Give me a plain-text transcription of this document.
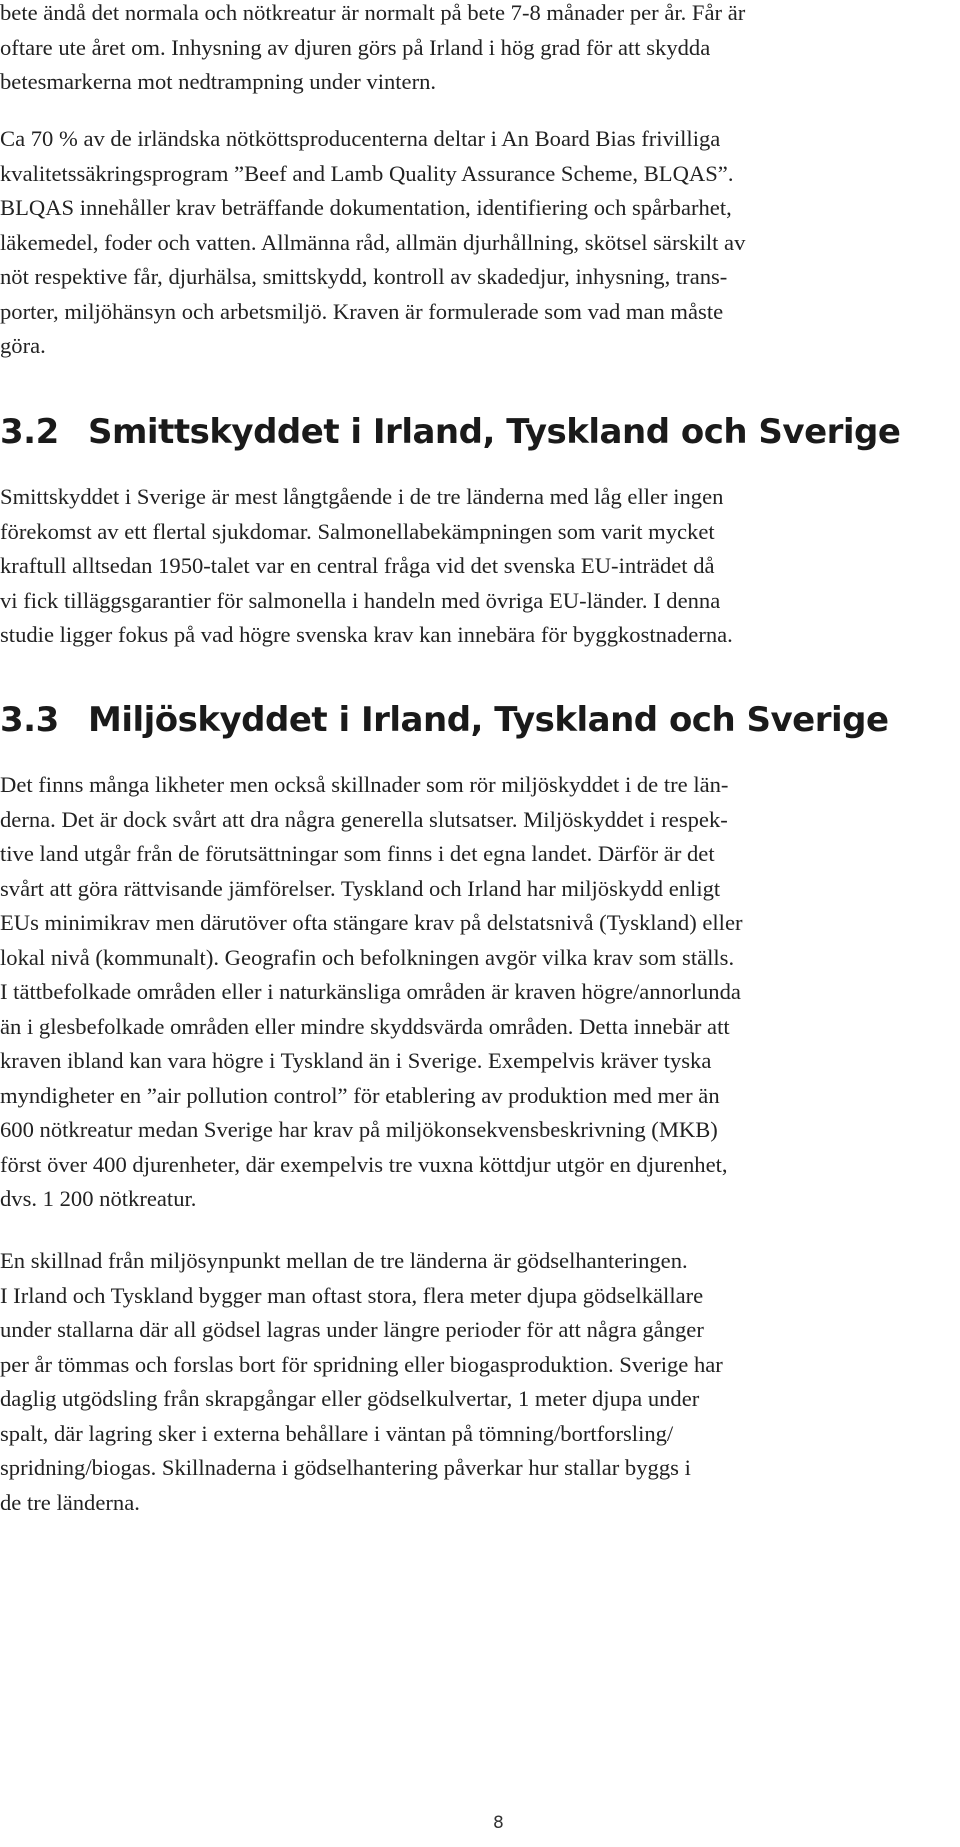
bete ändå det normala och nötkreatur är normalt på bete 7-8 månader per år. Får är
oftare ute året om. Inhysning av djuren görs på Irland i hög grad för att skydda
betesmarkerna mot nedtrampning under vintern.

Ca 70 % av de irländska nötköttsproducenterna deltar i An Board Bias frivilliga
kvalitetssäkringsprogram ”Beef and Lamb Quality Assurance Scheme, BLQAS”.
BLQAS innehåller krav beträffande dokumentation, identifiering och spårbarhet,
läkemedel, foder och vatten. Allmänna råd, allmän djurhållning, skötsel särskilt av
nöt respektive får, djurhälsa, smittskydd, kontroll av skadedjur, inhysning, trans-
porter, miljöhänsyn och arbetsmiljö. Kraven är formulerade som vad man måste
göra.

3.2 Smittskyddet i Irland, Tyskland och Sverige

Smittskyddet i Sverige är mest långtgående i de tre länderna med låg eller ingen
förekomst av ett flertal sjukdomar. Salmonellabekämpningen som varit mycket
kraftull alltsedan 1950-talet var en central fråga vid det svenska EU-inträdet då
vi fick tilläggsgarantier för salmonella i handeln med övriga EU-länder. I denna
studie ligger fokus på vad högre svenska krav kan innebära för byggkostnaderna.

3.3 Miljöskyddet i Irland, Tyskland och Sverige

Det finns många likheter men också skillnader som rör miljöskyddet i de tre län-
derna. Det är dock svårt att dra några generella slutsatser. Miljöskyddet i respek-
tive land utgår från de förutsättningar som finns i det egna landet. Därför är det
svårt att göra rättvisande jämförelser. Tyskland och Irland har miljöskydd enligt
EUs minimikrav men därutöver ofta stängare krav på delstatsnivå (Tyskland) eller
lokal nivå (kommunalt). Geografin och befolkningen avgör vilka krav som ställs.
I tättbefolkade områden eller i naturkänsliga områden är kraven högre/annorlunda
än i glesbefolkade områden eller mindre skyddsvärda områden. Detta innebär att
kraven ibland kan vara högre i Tyskland än i Sverige. Exempelvis kräver tyska
myndigheter en ”air pollution control” för etablering av produktion med mer än
600 nötkreatur medan Sverige har krav på miljökonsekvensbeskrivning (MKB)
först över 400 djurenheter, där exempelvis tre vuxna köttdjur utgör en djurenhet,
dvs. 1 200 nötkreatur.

En skillnad från miljösynpunkt mellan de tre länderna är gödselhanteringen.
I Irland och Tyskland bygger man oftast stora, flera meter djupa gödselkällare
under stallarna där all gödsel lagras under längre perioder för att några gånger
per år tömmas och forslas bort för spridning eller biogasproduktion. Sverige har
daglig utgödsling från skrapgångar eller gödselkulvertar, 1 meter djupa under
spalt, där lagring sker i externa behållare i väntan på tömning/bortforsling/
spridning/biogas. Skillnaderna i gödselhantering påverkar hur stallar byggs i
de tre länderna.

8
